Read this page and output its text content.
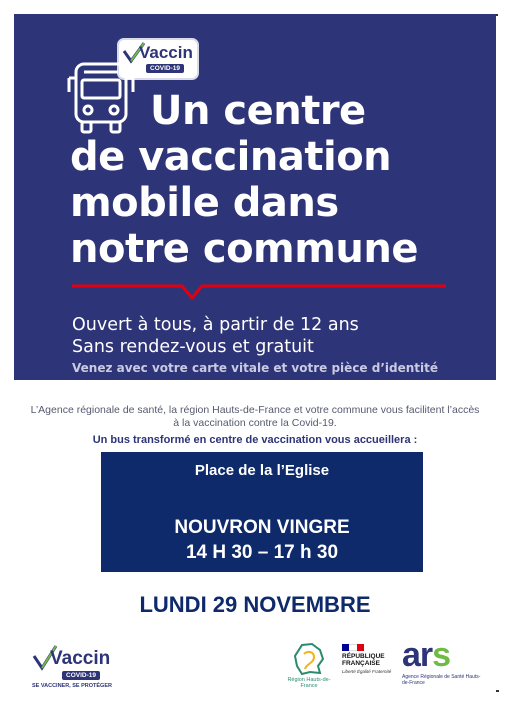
Vaccin
COVID-19
Un centre
de vaccination
mobile dans
notre commune
Ouvert à tous, à partir de 12 ans
Sans rendez-vous et gratuit
Venez avec votre carte vitale et votre pièce d’identité

L’Agence régionale de santé, la région Hauts-de-France et votre commune vous facilitent l’accès à la vaccination contre la Covid-19.

Un bus transformé en centre de vaccination vous accueillera :

Place de la l’Eglise
NOUVRON VINGRE
14 H 30 – 17 h 30

LUNDI 29 NOVEMBRE

Vaccin
COVID-19
SE VACCINER, SE PROTÉGER
Région Hauts-de-France
RÉPUBLIQUE FRANÇAISE
Liberté Égalité Fraternité ars
Agence Régionale de Santé Hauts-de-France
